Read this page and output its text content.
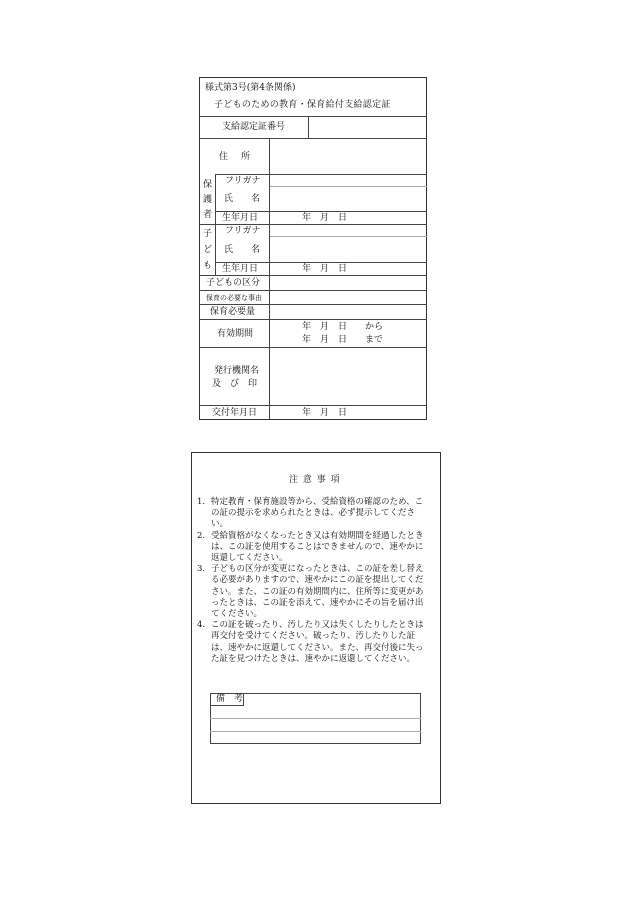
様式第3号(第4条関係)
子どものための教育・保育給付支給認定証
支給認定証番号
住　所
保
護
者
フリガナ
氏　　名
生年月日	年　月　日
子
ど
も
フリガナ
氏　　名
生年月日	年　月　日
子どもの区分
保育の必要な事由
保育必要量
有効期間
年　月　日　　から
年　月　日　　まで
発行機関名
及　び　印
交付年月日	年　月　日
注 意 事 項

1. 特定教育・保育施設等から、受給資格の確認のため、この証の提示を求められたときは、必ず提示してください。

2. 受給資格がなくなったとき又は有効期間を経過したときは、この証を使用することはできませんので、速やかに返還してください。

3. 子どもの区分が変更になったときは、この証を差し替える必要がありますので、速やかにこの証を提出してください。また、この証の有効期間内に、住所等に変更があったときは、この証を添えて、速やかにその旨を届け出てください。

4. この証を破ったり、汚したり又は失くしたりしたときは再交付を受けてください。破ったり、汚したりした証は、速やかに返還してください。また、再交付後に失った証を見つけたときは、速やかに返還してください。

備　考
